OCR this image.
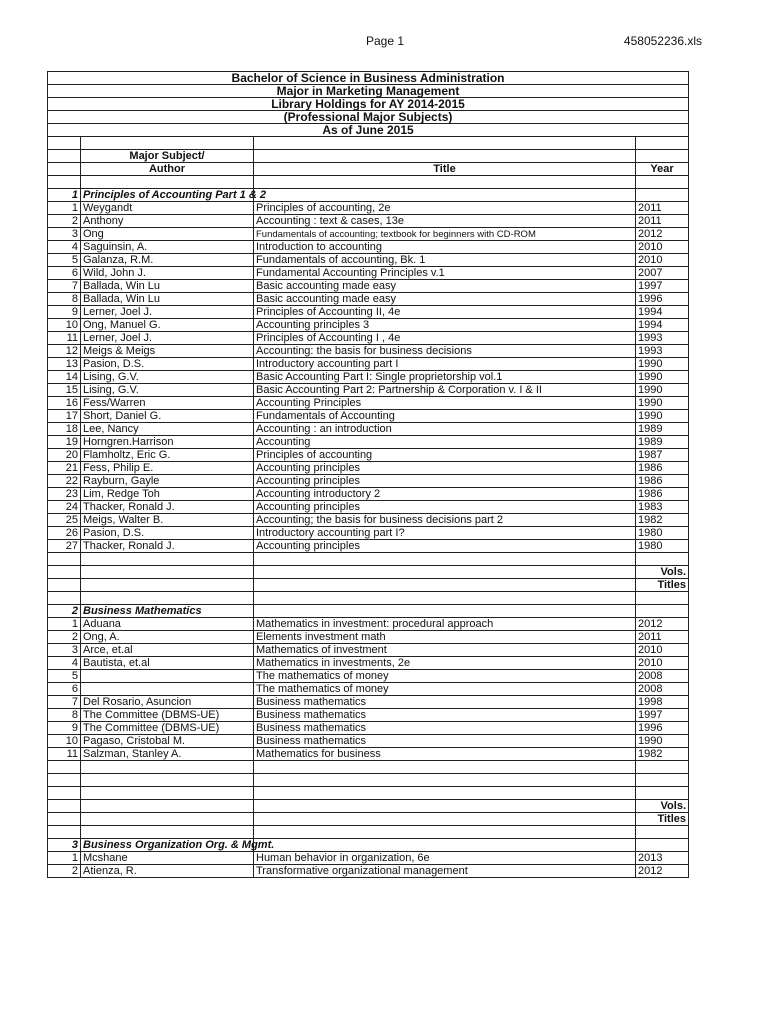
Page 1	458052236.xls
Bachelor of Science in Business Administration			
Major in Marketing Management			
Library Holdings for AY 2014-2015			
(Professional Major Subjects)			
As of June 2015			

	Major Subject/		
	Author	Title	Year

1	Principles of Accounting Part 1 & 2		
1	Weygandt	Principles of accounting, 2e	2011
2	Anthony	Accounting : text & cases, 13e	2011
3	Ong	Fundamentals of accounting; textbook for beginners with CD-ROM	2012
4	Saguinsin, A.	Introduction to accounting	2010
5	Galanza, R.M.	Fundamentals of accounting, Bk. 1	2010
6	Wild, John J.	Fundamental Accounting Principles v.1	2007
7	Ballada, Win Lu	Basic accounting made easy	1997
8	Ballada, Win Lu	Basic accounting made easy	1996
9	Lerner, Joel J.	Principles of Accounting II, 4e	1994
10	Ong, Manuel G.	Accounting principles 3	1994
11	Lerner, Joel J.	Principles of Accounting I , 4e	1993
12	Meigs & Meigs	Accounting: the basis for business decisions	1993
13	Pasion, D.S.	Introductory accounting part I	1990
14	Lising, G.V.	Basic Accounting Part I: Single proprietorship vol.1	1990
15	Lising, G.V.	Basic Accounting Part 2: Partnership & Corporation v. I & II	1990
16	Fess/Warren	Accounting Principles	1990
17	Short, Daniel G.	Fundamentals of Accounting	1990
18	Lee, Nancy	Accounting : an introduction	1989
19	Horngren.Harrison	Accounting	1989
20	Flamholtz, Eric G.	Principles of accounting	1987
21	Fess, Philip E.	Accounting principles	1986
22	Rayburn, Gayle	Accounting principles	1986
23	Lim, Redge Toh	Accounting introductory 2	1986
24	Thacker, Ronald J.	Accounting principles	1983
25	Meigs, Walter B.	Accounting; the basis for business decisions part 2	1982
26	Pasion, D.S.	Introductory accounting part I?	1980
27	Thacker, Ronald J.	Accounting principles	1980

			Vols.
			Titles

2	Business Mathematics		
1	Aduana	Mathematics in investment: procedural approach	2012
2	Ong, A.	Elements investment math	2011
3	Arce, et.al	Mathematics of investment	2010
4	Bautista, et.al	Mathematics in investments, 2e	2010
5		The mathematics of money	2008
6		The mathematics of money	2008
7	Del Rosario, Asuncion	Business mathematics	1998
8	The Committee (DBMS-UE)	Business mathematics	1997
9	The Committee (DBMS-UE)	Business mathematics	1996
10	Pagaso, Cristobal M.	Business mathematics	1990
11	Salzman, Stanley A.	Mathematics for business	1982

			Vols.
			Titles

3	Business Organization Org. & Mgmt.		
1	Mcshane	Human behavior in organization, 6e	2013
2	Atienza, R.	Transformative organizational management	2012
